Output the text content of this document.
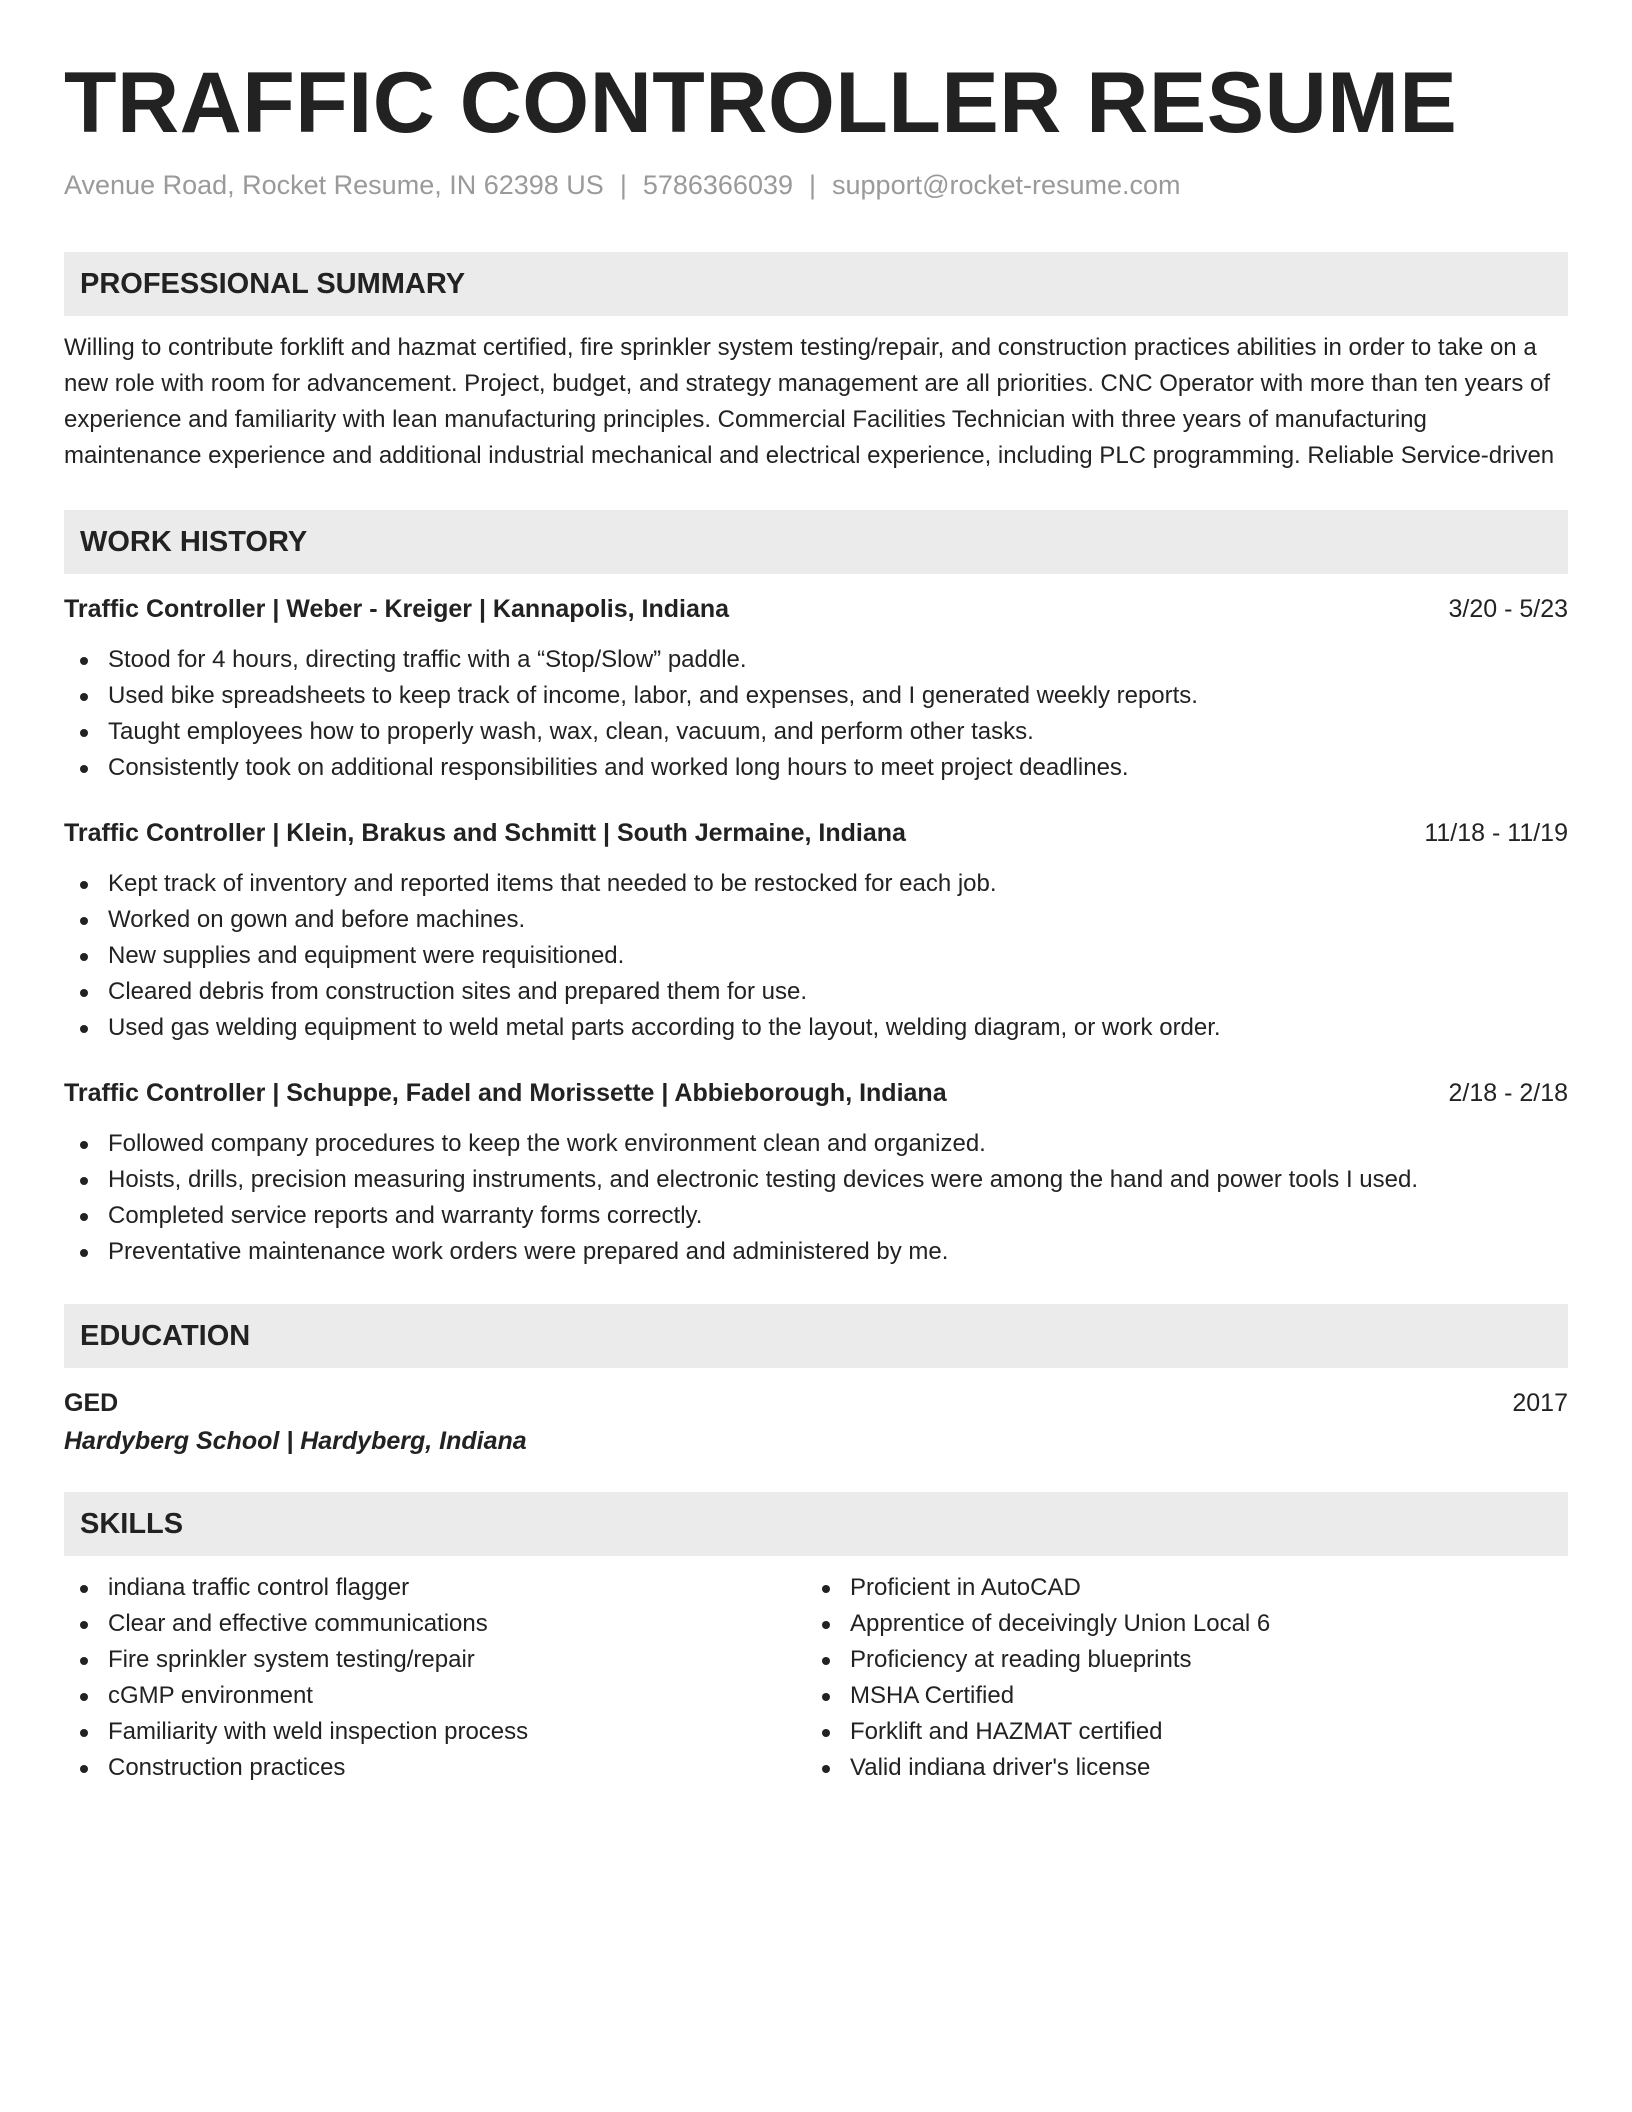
TRAFFIC CONTROLLER RESUME
Avenue Road, Rocket Resume, IN 62398 US | 5786366039 | support@rocket-resume.com
PROFESSIONAL SUMMARY
Willing to contribute forklift and hazmat certified, fire sprinkler system testing/repair, and construction practices abilities in order to take on a new role with room for advancement. Project, budget, and strategy management are all priorities. CNC Operator with more than ten years of experience and familiarity with lean manufacturing principles. Commercial Facilities Technician with three years of manufacturing maintenance experience and additional industrial mechanical and electrical experience, including PLC programming. Reliable Service-driven
WORK HISTORY
Traffic Controller | Weber - Kreiger | Kannapolis, Indiana	3/20 - 5/23
Stood for 4 hours, directing traffic with a “Stop/Slow” paddle.
Used bike spreadsheets to keep track of income, labor, and expenses, and I generated weekly reports.
Taught employees how to properly wash, wax, clean, vacuum, and perform other tasks.
Consistently took on additional responsibilities and worked long hours to meet project deadlines.
Traffic Controller | Klein, Brakus and Schmitt | South Jermaine, Indiana	11/18 - 11/19
Kept track of inventory and reported items that needed to be restocked for each job.
Worked on gown and before machines.
New supplies and equipment were requisitioned.
Cleared debris from construction sites and prepared them for use.
Used gas welding equipment to weld metal parts according to the layout, welding diagram, or work order.
Traffic Controller | Schuppe, Fadel and Morissette | Abbieborough, Indiana	2/18 - 2/18
Followed company procedures to keep the work environment clean and organized.
Hoists, drills, precision measuring instruments, and electronic testing devices were among the hand and power tools I used.
Completed service reports and warranty forms correctly.
Preventative maintenance work orders were prepared and administered by me.
EDUCATION
GED	2017
Hardyberg School | Hardyberg, Indiana
SKILLS
indiana traffic control flagger
Clear and effective communications
Fire sprinkler system testing/repair
cGMP environment
Familiarity with weld inspection process
Construction practices
Proficient in AutoCAD
Apprentice of deceivingly Union Local 6
Proficiency at reading blueprints
MSHA Certified
Forklift and HAZMAT certified
Valid indiana driver's license
